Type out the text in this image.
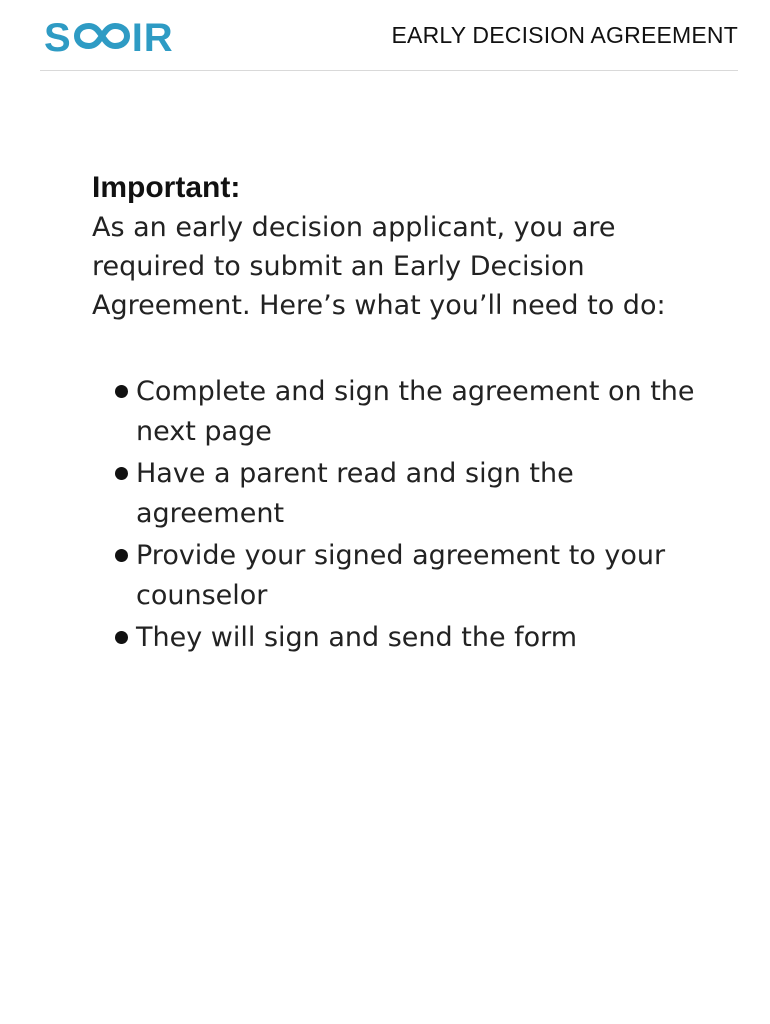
S IR	EARLY DECISION AGREEMENT

Important:

As an early decision applicant, you are required to submit an Early Decision Agreement. Here’s what you’ll need to do:

Complete and sign the agreement on the next page
Have a parent read and sign the agreement
Provide your signed agreement to your counselor
They will sign and send the form
